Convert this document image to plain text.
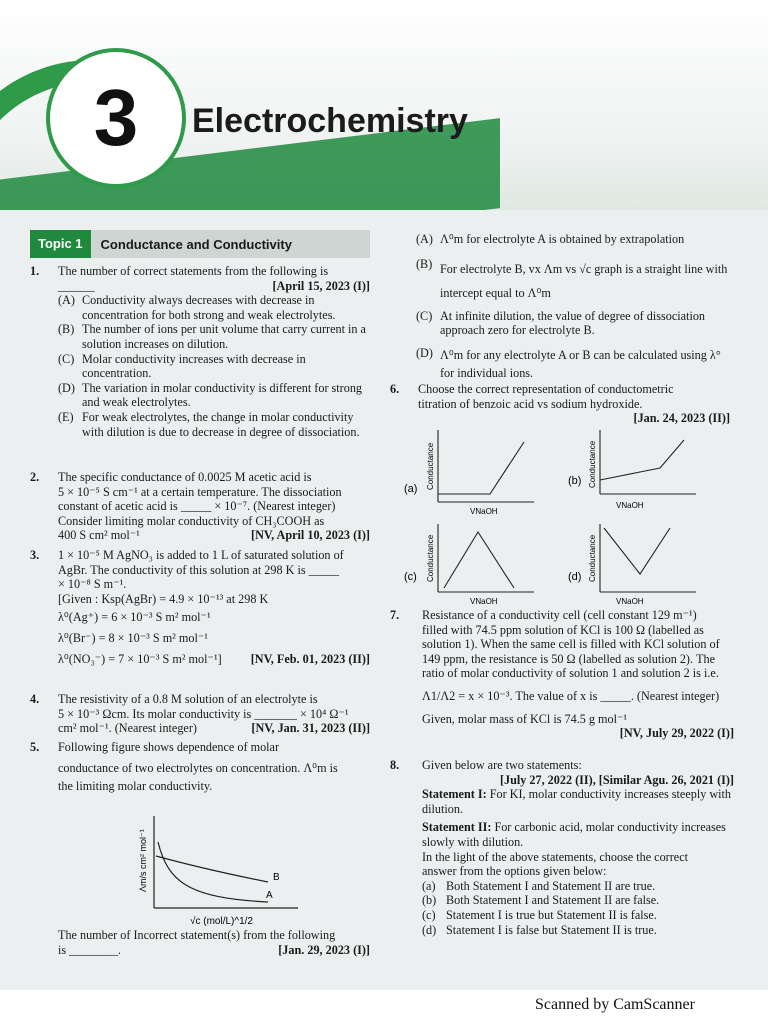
3 Electrochemistry
Topic 1	Conductance and Conductivity
1. The number of correct statements from the following is
______	[April 15, 2023 (I)]
(A) Conductivity always decreases with decrease in concentration for both strong and weak electrolytes.
(B) The number of ions per unit volume that carry current in a solution increases on dilution.
(C) Molar conductivity increases with decrease in concentration.
(D) The variation in molar conductivity is different for strong and weak electrolytes.
(E) For weak electrolytes, the change in molar conductivity with dilution is due to decrease in degree of dissociation.
2. The specific conductance of 0.0025 M acetic acid is
5 × 10⁻⁵ S cm⁻¹ at a certain temperature. The dissociation
constant of acetic acid is _____ × 10⁻⁷. (Nearest integer)
Consider limiting molar conductivity of CH₃COOH as
400 S cm² mol⁻¹	[NV, April 10, 2023 (I)]
3. 1 × 10⁻⁵ M AgNO₃ is added to 1 L of saturated solution of
AgBr. The conductivity of this solution at 298 K is _____
× 10⁻⁸ S m⁻¹.
[Given : Ksp(AgBr) = 4.9 × 10⁻¹³ at 298 K
λ⁰(Ag⁺) = 6 × 10⁻³ S m² mol⁻¹
λ⁰(Br⁻) = 8 × 10⁻³ S m² mol⁻¹
λ⁰(NO₃⁻) = 7 × 10⁻³ S m² mol⁻¹] [NV, Feb. 01, 2023 (II)]
4. The resistivity of a 0.8 M solution of an electrolyte is
5 × 10⁻³ Ωcm. Its molar conductivity is _______ × 10⁴ Ω⁻¹
cm² mol⁻¹. (Nearest integer)	[NV, Jan. 31, 2023 (II)]
5. Following figure shows dependence of molar
conductance of two electrolytes on concentration. Λ⁰m is
the limiting molar conductivity.
B
A
Λm/s cm² mol⁻¹
√c (mol/L)^1/2
The number of Incorrect statement(s) from the following
is ________.	[Jan. 29, 2023 (I)]
(A) Λ⁰m for electrolyte A is obtained by extrapolation
(B) For electrolyte B, vx Λm vs √c graph is a straight line with intercept equal to Λ⁰m
(C) At infinite dilution, the value of degree of dissociation approach zero for electrolyte B.
(D) Λ⁰m for any electrolyte A or B can be calculated using λ° for individual ions.
6. Choose the correct representation of conductometric
titration of benzoic acid vs sodium hydroxide.
[Jan. 24, 2023 (II)]
(a) Conductance
VNaOH
(b) Conductance
VNaOH
(c) Conductance
VNaOH
(d) Conductance
VNaOH
7. Resistance of a conductivity cell (cell constant 129 m⁻¹)
filled with 74.5 ppm solution of KCl is 100 Ω (labelled as
solution 1). When the same cell is filled with KCl solution of
149 ppm, the resistance is 50 Ω (labelled as solution 2). The
ratio of molar conductivity of solution 1 and solution 2 is i.e.
Λ1/Λ2 = x × 10⁻³. The value of x is _____. (Nearest integer)
Given, molar mass of KCl is 74.5 g mol⁻¹
[NV, July 29, 2022 (I)]
8. Given below are two statements:
[July 27, 2022 (II), [Similar Agu. 26, 2021 (I)]
Statement I: For KI, molar conductivity increases steeply with dilution.
Statement II: For carbonic acid, molar conductivity increases slowly with dilution.
In the light of the above statements, choose the correct
answer from the options given below:
(a) Both Statement I and Statement II are true.
(b) Both Statement I and Statement II are false.
(c) Statement I is true but Statement II is false.
(d) Statement I is false but Statement II is true.
Scanned by CamScanner
